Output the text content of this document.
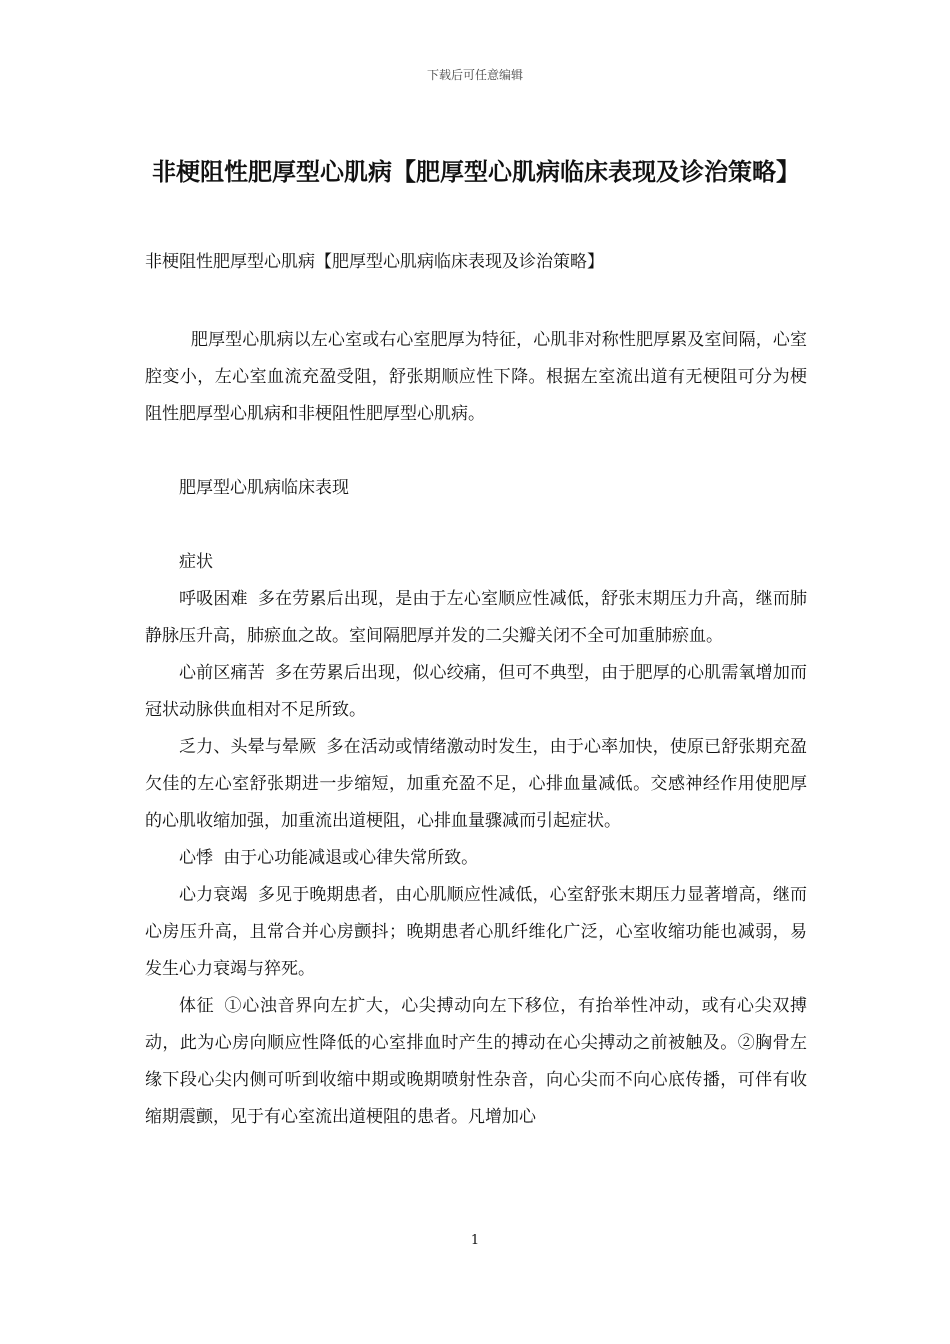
下载后可任意编辑
非梗阻性肥厚型心肌病【肥厚型心肌病临床表现及诊治策略】
非梗阻性肥厚型心肌病【肥厚型心肌病临床表现及诊治策略】

肥厚型心肌病以左心室或右心室肥厚为特征，心肌非对称性肥厚累及室间隔，心室腔变小，左心室血流充盈受阻，舒张期顺应性下降。根据左室流出道有无梗阻可分为梗阻性肥厚型心肌病和非梗阻性肥厚型心肌病。

肥厚型心肌病临床表现

症状

呼吸困难 多在劳累后出现，是由于左心室顺应性减低，舒张末期压力升高，继而肺静脉压升高，肺瘀血之故。室间隔肥厚并发的二尖瓣关闭不全可加重肺瘀血。

心前区痛苦 多在劳累后出现，似心绞痛，但可不典型，由于肥厚的心肌需氧增加而冠状动脉供血相对不足所致。

乏力、头晕与晕厥 多在活动或情绪激动时发生，由于心率加快，使原已舒张期充盈欠佳的左心室舒张期进一步缩短，加重充盈不足，心排血量减低。交感神经作用使肥厚的心肌收缩加强，加重流出道梗阻，心排血量骤减而引起症状。

心悸 由于心功能减退或心律失常所致。

心力衰竭 多见于晚期患者，由心肌顺应性减低，心室舒张末期压力显著增高，继而心房压升高，且常合并心房颤抖；晚期患者心肌纤维化广泛，心室收缩功能也减弱，易发生心力衰竭与猝死。

体征 ①心浊音界向左扩大，心尖搏动向左下移位，有抬举性冲动，或有心尖双搏动，此为心房向顺应性降低的心室排血时产生的搏动在心尖搏动之前被触及。②胸骨左缘下段心尖内侧可听到收缩中期或晚期喷射性杂音，向心尖而不向心底传播，可伴有收缩期震颤，见于有心室流出道梗阻的患者。凡增加心

1
